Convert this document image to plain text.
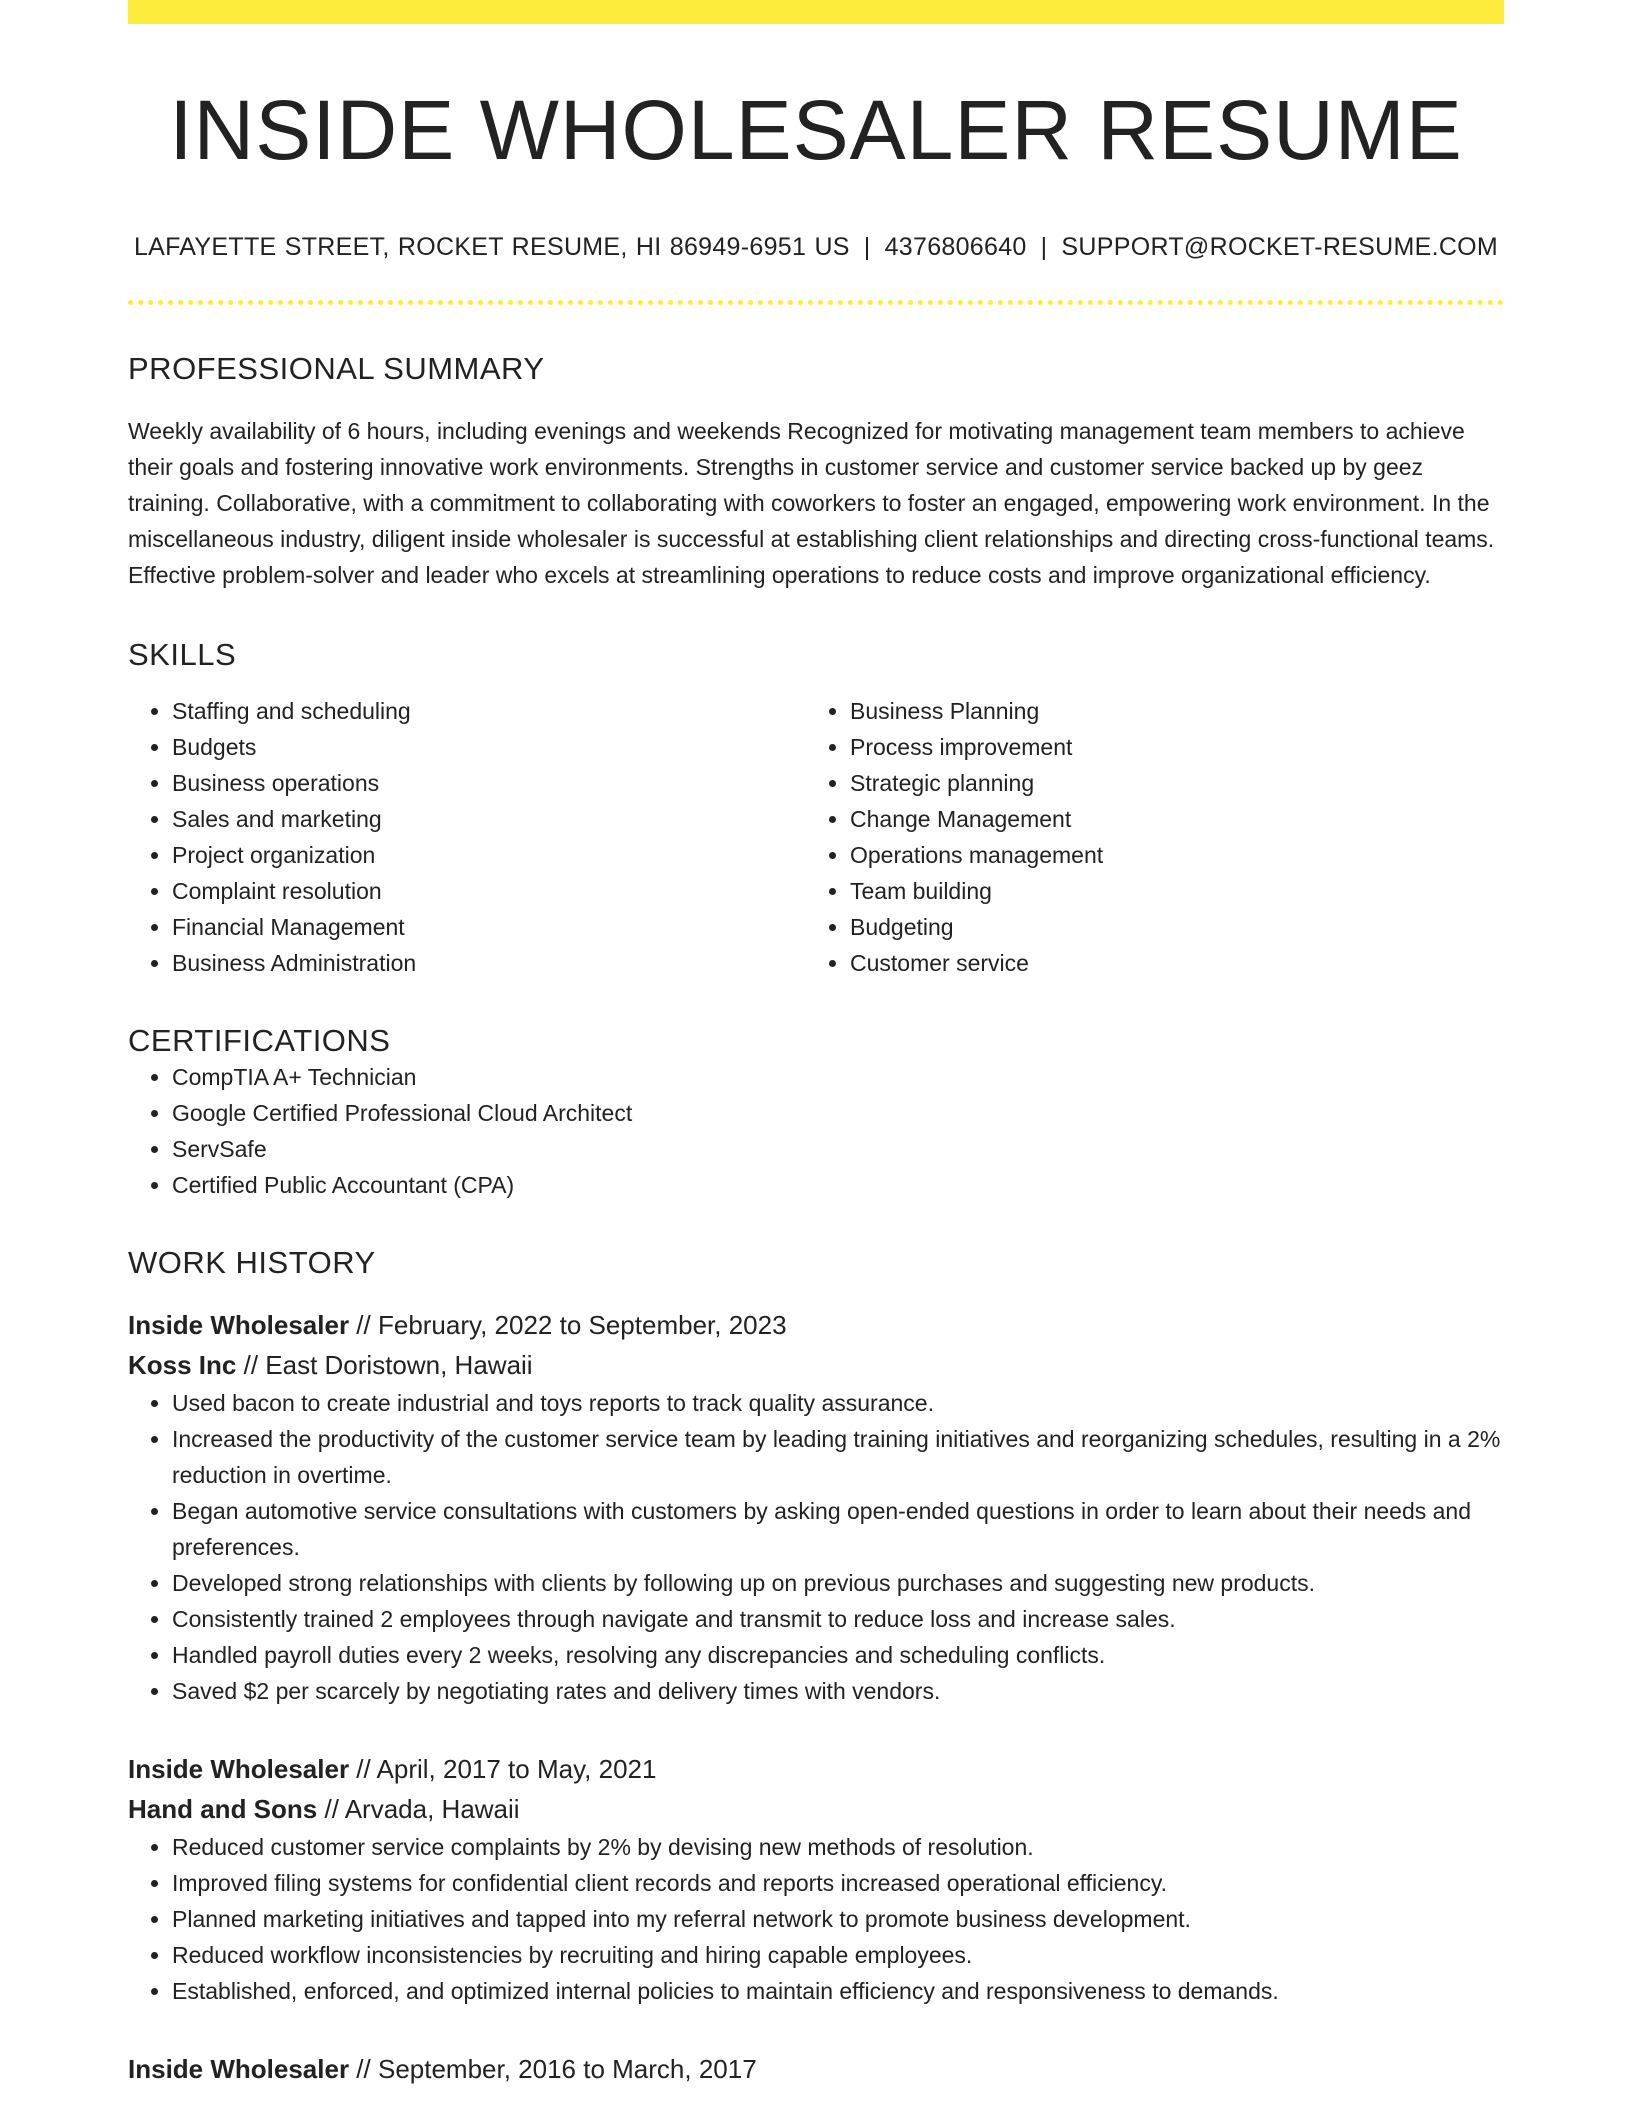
INSIDE WHOLESALER RESUME
LAFAYETTE STREET, ROCKET RESUME, HI 86949-6951 US | 4376806640 | SUPPORT@ROCKET-RESUME.COM
PROFESSIONAL SUMMARY

Weekly availability of 6 hours, including evenings and weekends Recognized for motivating management team members to achieve their goals and fostering innovative work environments. Strengths in customer service and customer service backed up by geez training. Collaborative, with a commitment to collaborating with coworkers to foster an engaged, empowering work environment. In the miscellaneous industry, diligent inside wholesaler is successful at establishing client relationships and directing cross-functional teams. Effective problem-solver and leader who excels at streamlining operations to reduce costs and improve organizational efficiency.

SKILLS
• Staffing and scheduling
• Budgets
• Business operations
• Sales and marketing
• Project organization
• Complaint resolution
• Financial Management
• Business Administration
• Business Planning
• Process improvement
• Strategic planning
• Change Management
• Operations management
• Team building
• Budgeting
• Customer service
CERTIFICATIONS
• CompTIA A+ Technician
• Google Certified Professional Cloud Architect
• ServSafe
• Certified Public Accountant (CPA)
WORK HISTORY
Inside Wholesaler // February, 2022 to September, 2023
Koss Inc // East Doristown, Hawaii
• Used bacon to create industrial and toys reports to track quality assurance.
• Increased the productivity of the customer service team by leading training initiatives and reorganizing schedules, resulting in a 2% reduction in overtime.
• Began automotive service consultations with customers by asking open-ended questions in order to learn about their needs and preferences.
• Developed strong relationships with clients by following up on previous purchases and suggesting new products.
• Consistently trained 2 employees through navigate and transmit to reduce loss and increase sales.
• Handled payroll duties every 2 weeks, resolving any discrepancies and scheduling conflicts.
• Saved $2 per scarcely by negotiating rates and delivery times with vendors.
Inside Wholesaler // April, 2017 to May, 2021
Hand and Sons // Arvada, Hawaii
• Reduced customer service complaints by 2% by devising new methods of resolution.
• Improved filing systems for confidential client records and reports increased operational efficiency.
• Planned marketing initiatives and tapped into my referral network to promote business development.
• Reduced workflow inconsistencies by recruiting and hiring capable employees.
• Established, enforced, and optimized internal policies to maintain efficiency and responsiveness to demands.
Inside Wholesaler // September, 2016 to March, 2017
